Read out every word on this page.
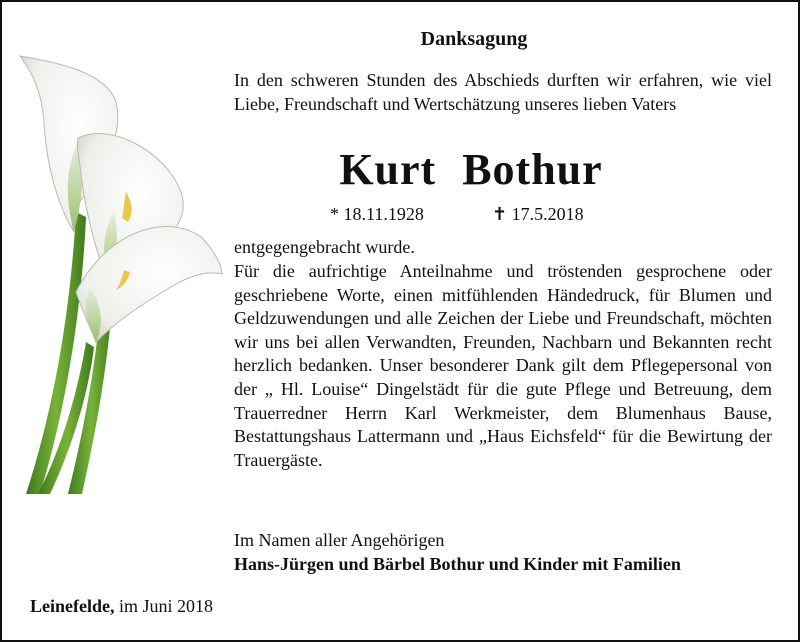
Danksagung
In den schweren Stunden des Abschieds durften wir erfahren, wie viel Liebe, Freundschaft und Wertschätzung unseres lieben Vaters
Kurt Bothur
* 18.11.1928	✝ 17.5.2018
entgegengebracht wurde.
Für die aufrichtige Anteilnahme und tröstenden gesprochene oder geschriebene Worte, einen mitfühlenden Händedruck, für Blumen und Geldzuwendungen und alle Zeichen der Liebe und Freundschaft, möchten wir uns bei allen Verwandten, Freunden, Nachbarn und Bekannten recht herzlich bedanken. Unser besonderer Dank gilt dem Pflegepersonal von der „ Hl. Louise“ Dingelstädt für die gute Pflege und Betreuung, dem Trauerredner Herrn Karl Werkmeister, dem Blumenhaus Bause, Bestattungshaus Lattermann und „Haus Eichsfeld“ für die Bewirtung der Trauergäste.
Im Namen aller Angehörigen
Hans-Jürgen und Bärbel Bothur und Kinder mit Familien
Leinefelde, im Juni 2018
